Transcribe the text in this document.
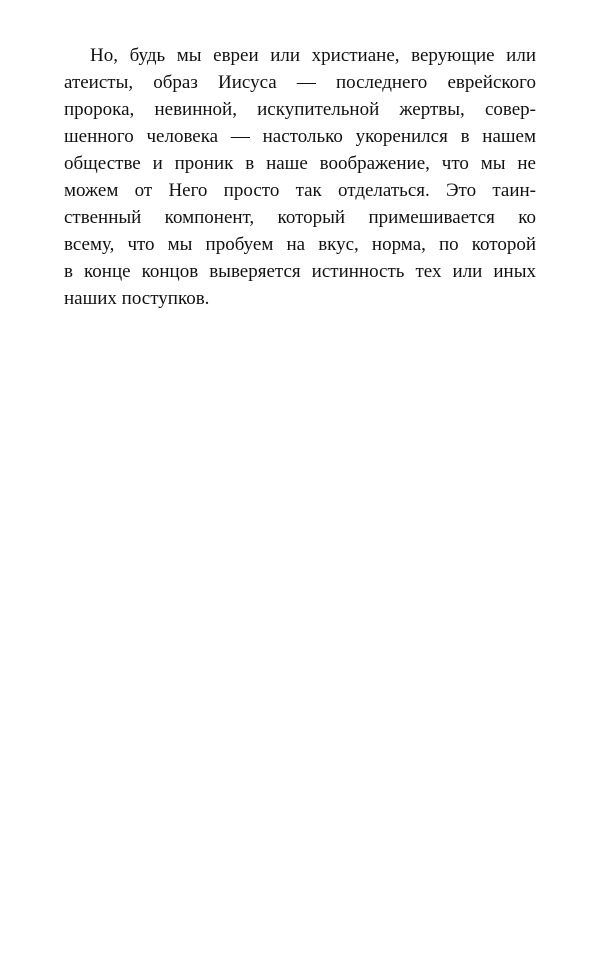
Но, будь мы евреи или христиане, верующие или
атеисты, образ Иисуса — последнего еврейского
пророка, невинной, искупительной жертвы, совер-
шенного человека — настолько укоренился в нашем
обществе и проник в наше воображение, что мы не
можем от Него просто так отделаться. Это таин-
ственный компонент, который примешивается ко
всему, что мы пробуем на вкус, норма, по которой
в конце концов выверяется истинность тех или иных
наших поступков.
